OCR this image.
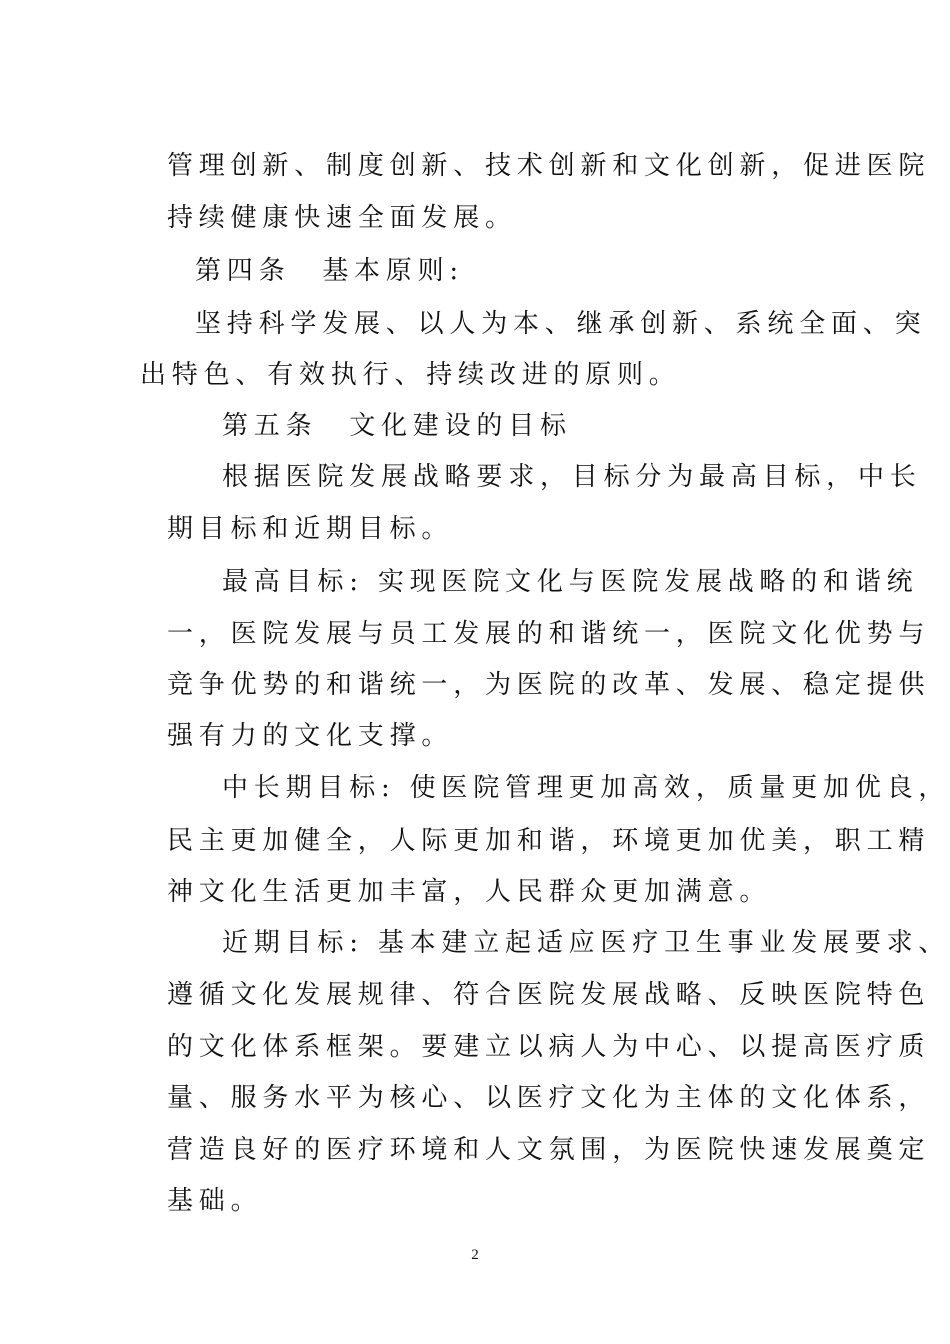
管理创新、制度创新、技术创新和文化创新，促进医院
持续健康快速全面发展。
第四条　基本原则:
坚持科学发展、以人为本、继承创新、系统全面、突
出特色、有效执行、持续改进的原则。
第五条　文化建设的目标
根据医院发展战略要求，目标分为最高目标，中长
期目标和近期目标。
最高目标: 实现医院文化与医院发展战略的和谐统
一，医院发展与员工发展的和谐统一，医院文化优势与
竞争优势的和谐统一，为医院的改革、发展、稳定提供
强有力的文化支撑。
中长期目标: 使医院管理更加高效，质量更加优良，
民主更加健全，人际更加和谐，环境更加优美，职工精
神文化生活更加丰富，人民群众更加满意。
近期目标: 基本建立起适应医疗卫生事业发展要求、
遵循文化发展规律、符合医院发展战略、反映医院特色
的文化体系框架。要建立以病人为中心、以提高医疗质
量、服务水平为核心、以医疗文化为主体的文化体系，
营造良好的医疗环境和人文氛围，为医院快速发展奠定
基础。
2
